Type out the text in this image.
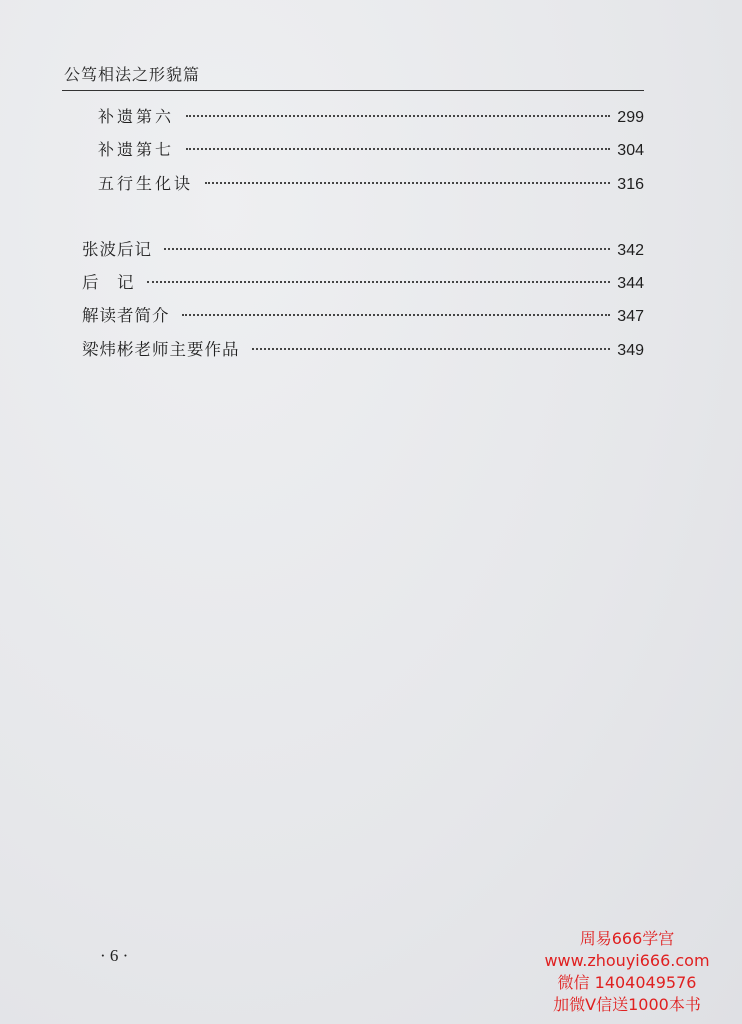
公笃相法之形貌篇
补遗第六	299
补遗第七	304
五行生化诀	316
张波后记	342
后　记	344
解读者简介	347
梁炜彬老师主要作品	349
· 6 ·
周易666学宫
www.zhouyi666.com
微信 1404049576
加微V信送1000本书
